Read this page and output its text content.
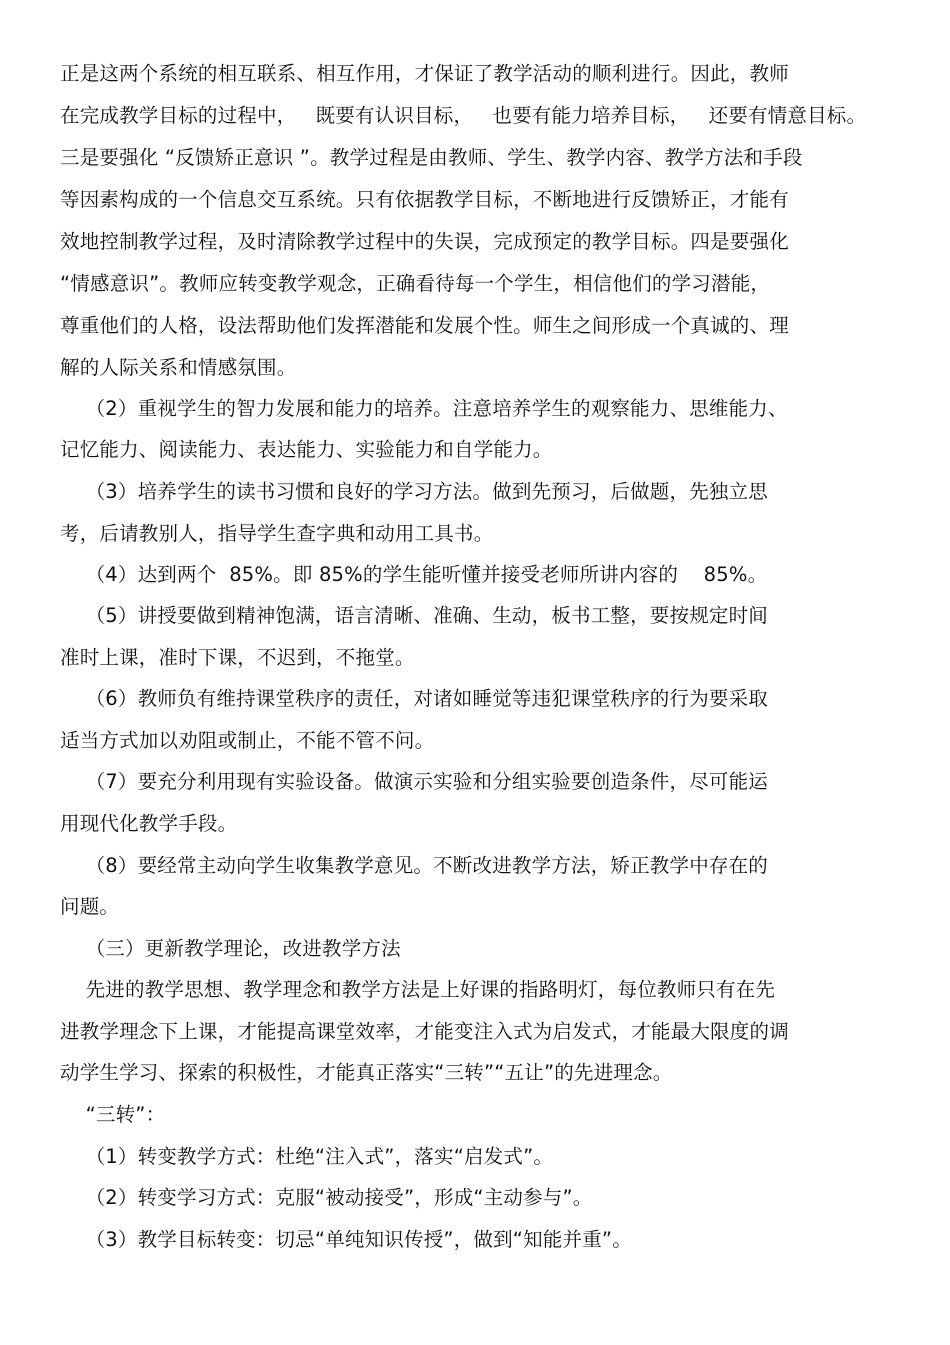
正是这两个系统的相互联系、相互作用，才保证了教学活动的顺利进行。因此，教师
在完成教学目标的过程中，   既要有认识目标，   也要有能力培养目标，   还要有情意目标。
三是要强化 “反馈矫正意识 ”。教学过程是由教师、学生、教学内容、教学方法和手段
等因素构成的一个信息交互系统。只有依据教学目标，不断地进行反馈矫正，才能有
效地控制教学过程，及时清除教学过程中的失误，完成预定的教学目标。四是要强化
“情感意识”。教师应转变教学观念，正确看待每一个学生，相信他们的学习潜能，
尊重他们的人格，设法帮助他们发挥潜能和发展个性。师生之间形成一个真诚的、理
解的人际关系和情感氛围。
（2）重视学生的智力发展和能力的培养。注意培养学生的观察能力、思维能力、
记忆能力、阅读能力、表达能力、实验能力和自学能力。
（3）培养学生的读书习惯和良好的学习方法。做到先预习，后做题，先独立思
考，后请教别人，指导学生查字典和动用工具书。
（4）达到两个  85%。即 85%的学生能听懂并接受老师所讲内容的    85%。
（5）讲授要做到精神饱满，语言清晰、准确、生动，板书工整，要按规定时间
准时上课，准时下课，不迟到，不拖堂。
（6）教师负有维持课堂秩序的责任，对诸如睡觉等违犯课堂秩序的行为要采取
适当方式加以劝阻或制止，不能不管不问。
（7）要充分利用现有实验设备。做演示实验和分组实验要创造条件，尽可能运
用现代化教学手段。
（8）要经常主动向学生收集教学意见。不断改进教学方法，矫正教学中存在的
问题。
（三）更新教学理论，改进教学方法
先进的教学思想、教学理念和教学方法是上好课的指路明灯，每位教师只有在先
进教学理念下上课，才能提高课堂效率，才能变注入式为启发式，才能最大限度的调
动学生学习、探索的积极性，才能真正落实“三转”“五让”的先进理念。
“三转”：
（1）转变教学方式：杜绝“注入式”，落实“启发式”。
（2）转变学习方式：克服“被动接受”，形成“主动参与”。
（3）教学目标转变：切忌“单纯知识传授”，做到“知能并重”。
